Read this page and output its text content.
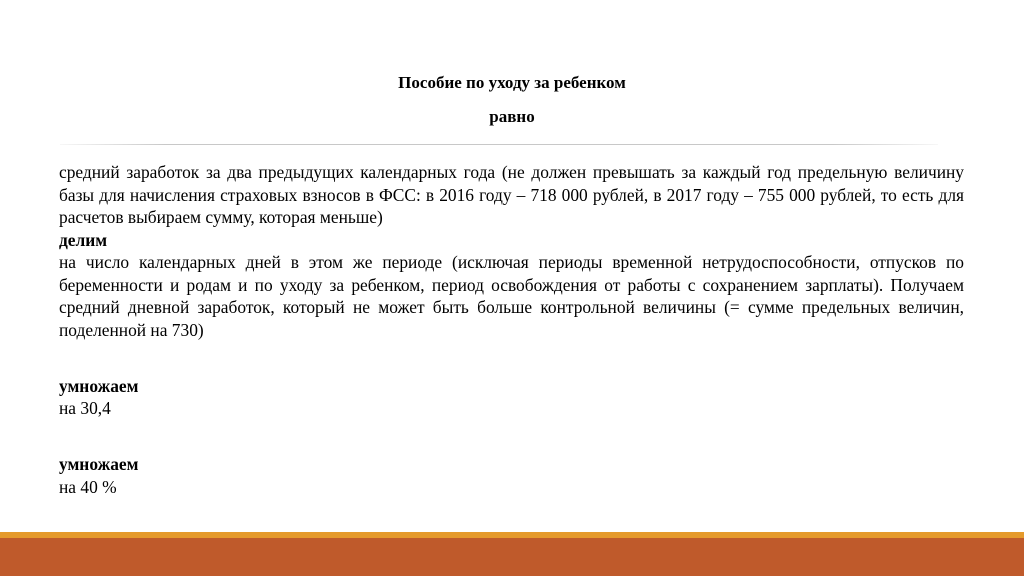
Пособие по уходу за ребенком
равно

средний заработок за два предыдущих календарных года (не должен превышать за каждый год предельную величину базы для начисления страховых взносов в ФСС: в 2016 году – 718 000 рублей, в 2017 году – 755 000 рублей, то есть для расчетов выбираем сумму, которая меньше)

делим

на число календарных дней в этом же периоде (исключая периоды временной нетрудоспособности, отпусков по беременности и родам и по уходу за ребенком, период освобождения от работы с сохранением зарплаты). Получаем средний дневной заработок, который не может быть больше контрольной величины (= сумме предельных величин, поделенной на 730)

умножаем

на 30,4

умножаем

на 40 %
